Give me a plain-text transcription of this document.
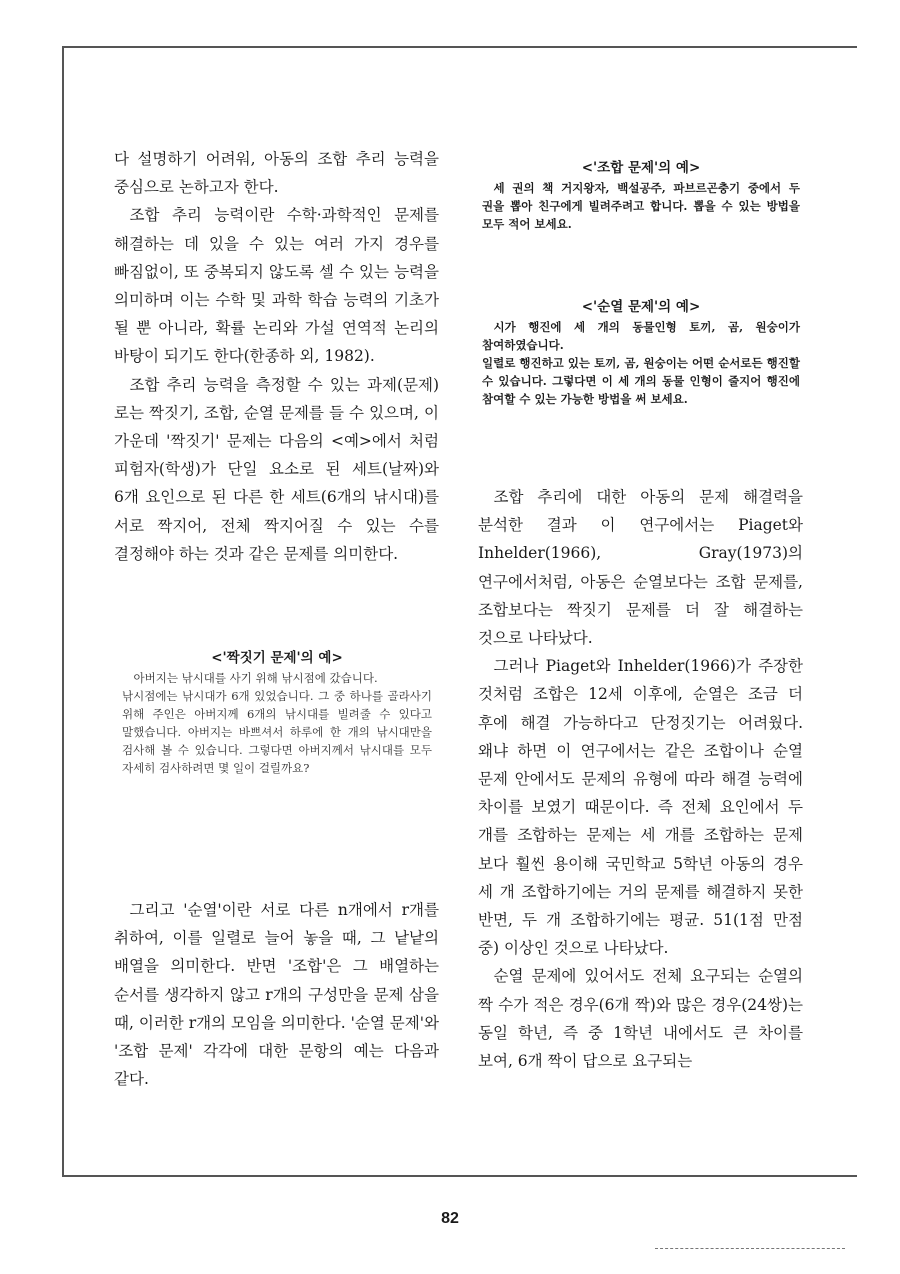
다 설명하기 어려워, 아동의 조합 추리 능력을 중심으로 논하고자 한다.

조합 추리 능력이란 수학·과학적인 문제를 해결하는 데 있을 수 있는 여러 가지 경우를 빠짐없이, 또 중복되지 않도록 셀 수 있는 능력을 의미하며 이는 수학 및 과학 학습 능력의 기초가 될 뿐 아니라, 확률 논리와 가설 연역적 논리의 바탕이 되기도 한다(한종하 외, 1982).

조합 추리 능력을 측정할 수 있는 과제(문제)로는 짝짓기, 조합, 순열 문제를 들 수 있으며, 이 가운데 '짝짓기' 문제는 다음의 <예>에서 처럼 피험자(학생)가 단일 요소로 된 세트(날짜)와 6개 요인으로 된 다른 한 세트(6개의 낚시대)를 서로 짝지어, 전체 짝지어질 수 있는 수를 결정해야 하는 것과 같은 문제를 의미한다.

<'짝짓기 문제'의 예>

아버지는 낚시대를 사기 위해 낚시점에 갔습니다.

낚시점에는 낚시대가 6개 있었습니다. 그 중 하나를 골라사기 위해 주인은 아버지께 6개의 낚시대를 빌려줄 수 있다고 말했습니다. 아버지는 바쁘셔서 하루에 한 개의 낚시대만을 검사해 볼 수 있습니다. 그렇다면 아버지께서 낚시대를 모두 자세히 검사하려면 몇 일이 걸릴까요?

그리고 '순열'이란 서로 다른 n개에서 r개를 취하여, 이를 일렬로 늘어 놓을 때, 그 낱낱의 배열을 의미한다. 반면 '조합'은 그 배열하는 순서를 생각하지 않고 r개의 구성만을 문제 삼을 때, 이러한 r개의 모임을 의미한다. '순열 문제'와 '조합 문제' 각각에 대한 문항의 예는 다음과 같다.

<'조합 문제'의 예>

세 권의 책 거지왕자, 백설공주, 파브르곤충기 중에서 두 권을 뽑아 친구에게 빌려주려고 합니다. 뽑을 수 있는 방법을 모두 적어 보세요.

<'순열 문제'의 예>

시가 행진에 세 개의 동물인형 토끼, 곰, 원숭이가 참여하였습니다.

일렬로 행진하고 있는 토끼, 곰, 원숭이는 어떤 순서로든 행진할 수 있습니다. 그렇다면 이 세 개의 동물 인형이 줄지어 행진에 참여할 수 있는 가능한 방법을 써 보세요.

조합 추리에 대한 아동의 문제 해결력을 분석한 결과 이 연구에서는 Piaget와 Inhelder(1966), Gray(1973)의 연구에서처럼, 아동은 순열보다는 조합 문제를, 조합보다는 짝짓기 문제를 더 잘 해결하는 것으로 나타났다.

그러나 Piaget와 Inhelder(1966)가 주장한 것처럼 조합은 12세 이후에, 순열은 조금 더 후에 해결 가능하다고 단정짓기는 어려웠다. 왜냐 하면 이 연구에서는 같은 조합이나 순열 문제 안에서도 문제의 유형에 따라 해결 능력에 차이를 보였기 때문이다. 즉 전체 요인에서 두 개를 조합하는 문제는 세 개를 조합하는 문제 보다 훨씬 용이해 국민학교 5학년 아동의 경우 세 개 조합하기에는 거의 문제를 해결하지 못한 반면, 두 개 조합하기에는 평균. 51(1점 만점 중) 이상인 것으로 나타났다.

순열 문제에 있어서도 전체 요구되는 순열의 짝 수가 적은 경우(6개 짝)와 많은 경우(24쌍)는 동일 학년, 즉 중 1학년 내에서도 큰 차이를 보여, 6개 짝이 답으로 요구되는

82
